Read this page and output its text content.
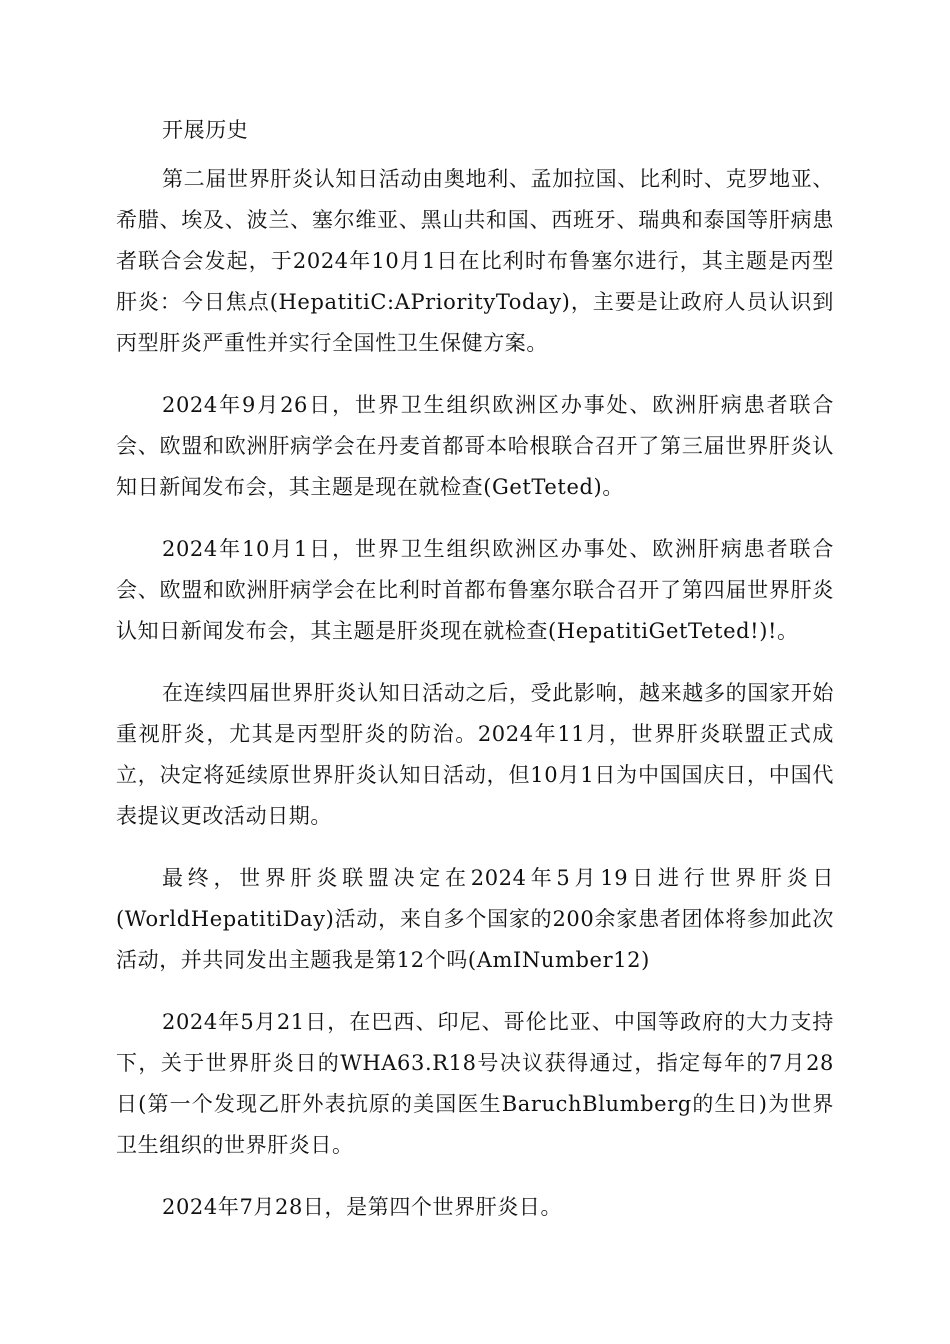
开展历史

第二届世界肝炎认知日活动由奥地利、孟加拉国、比利时、克罗地亚、希腊、埃及、波兰、塞尔维亚、黑山共和国、西班牙、瑞典和泰国等肝病患者联合会发起，于2024年10月1日在比利时布鲁塞尔进行，其主题是丙型肝炎：今日焦点(HepatitiC:APriorityToday)，主要是让政府人员认识到丙型肝炎严重性并实行全国性卫生保健方案。

2024年9月26日，世界卫生组织欧洲区办事处、欧洲肝病患者联合会、欧盟和欧洲肝病学会在丹麦首都哥本哈根联合召开了第三届世界肝炎认知日新闻发布会，其主题是现在就检查(GetTeted)。

2024年10月1日，世界卫生组织欧洲区办事处、欧洲肝病患者联合会、欧盟和欧洲肝病学会在比利时首都布鲁塞尔联合召开了第四届世界肝炎认知日新闻发布会，其主题是肝炎现在就检查(HepatitiGetTeted!)!。

在连续四届世界肝炎认知日活动之后，受此影响，越来越多的国家开始重视肝炎，尤其是丙型肝炎的防治。2024年11月，世界肝炎联盟正式成立，决定将延续原世界肝炎认知日活动，但10月1日为中国国庆日，中国代表提议更改活动日期。

最终，世界肝炎联盟决定在2024年5月19日进行世界肝炎日(WorldHepatitiDay)活动，来自多个国家的200余家患者团体将参加此次活动，并共同发出主题我是第12个吗(AmINumber12)

2024年5月21日，在巴西、印尼、哥伦比亚、中国等政府的大力支持下，关于世界肝炎日的WHA63.R18号决议获得通过，指定每年的7月28日(第一个发现乙肝外表抗原的美国医生BaruchBlumberg的生日)为世界卫生组织的世界肝炎日。

2024年7月28日，是第四个世界肝炎日。
